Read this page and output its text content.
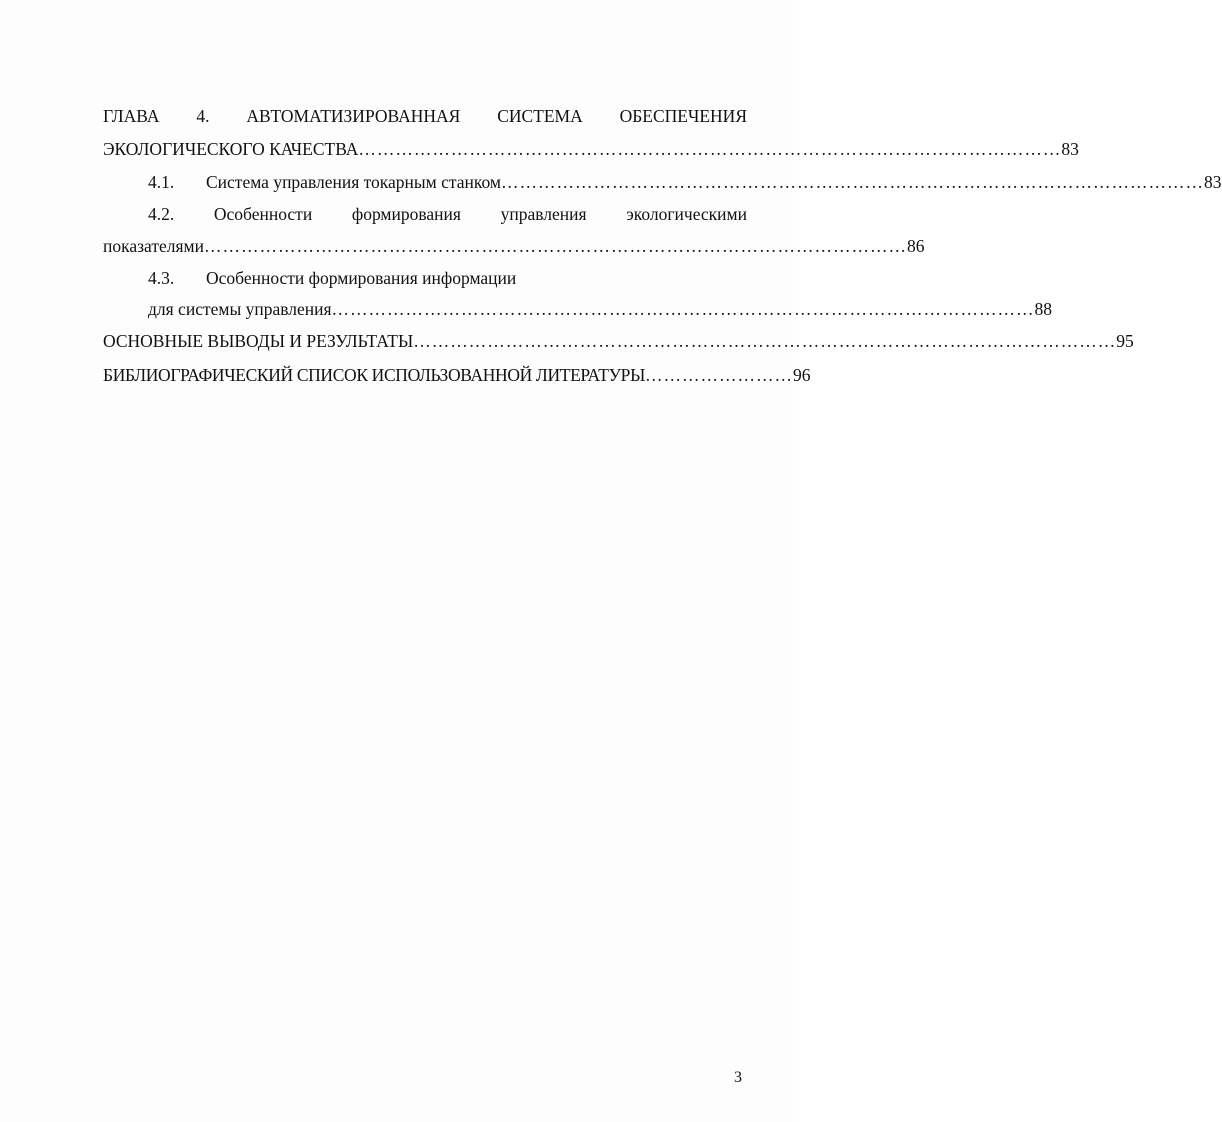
ГЛАВА 4. АВТОМАТИЗИРОВАННАЯ СИСТЕМА ОБЕСПЕЧЕНИЯ
ЭКОЛОГИЧЕСКОГО КАЧЕСТВА …………………………………………………………………………………………………… 83
4.1.	Система управления токарным станком …………………………………………………………………………………………………… 83
4.2. Особенности формирования управления экологическими
показателями …………………………………………………………………………………………………… 86
4.3. Особенности формирования информации
для системы управления …………………………………………………………………………………………………… 88
ОСНОВНЫЕ ВЫВОДЫ И РЕЗУЛЬТАТЫ …………………………………………………………………………………………………… 95
БИБЛИОГРАФИЧЕСКИЙ СПИСОК ИСПОЛЬЗОВАННОЙ ЛИТЕРАТУРЫ …………………… 96
3
